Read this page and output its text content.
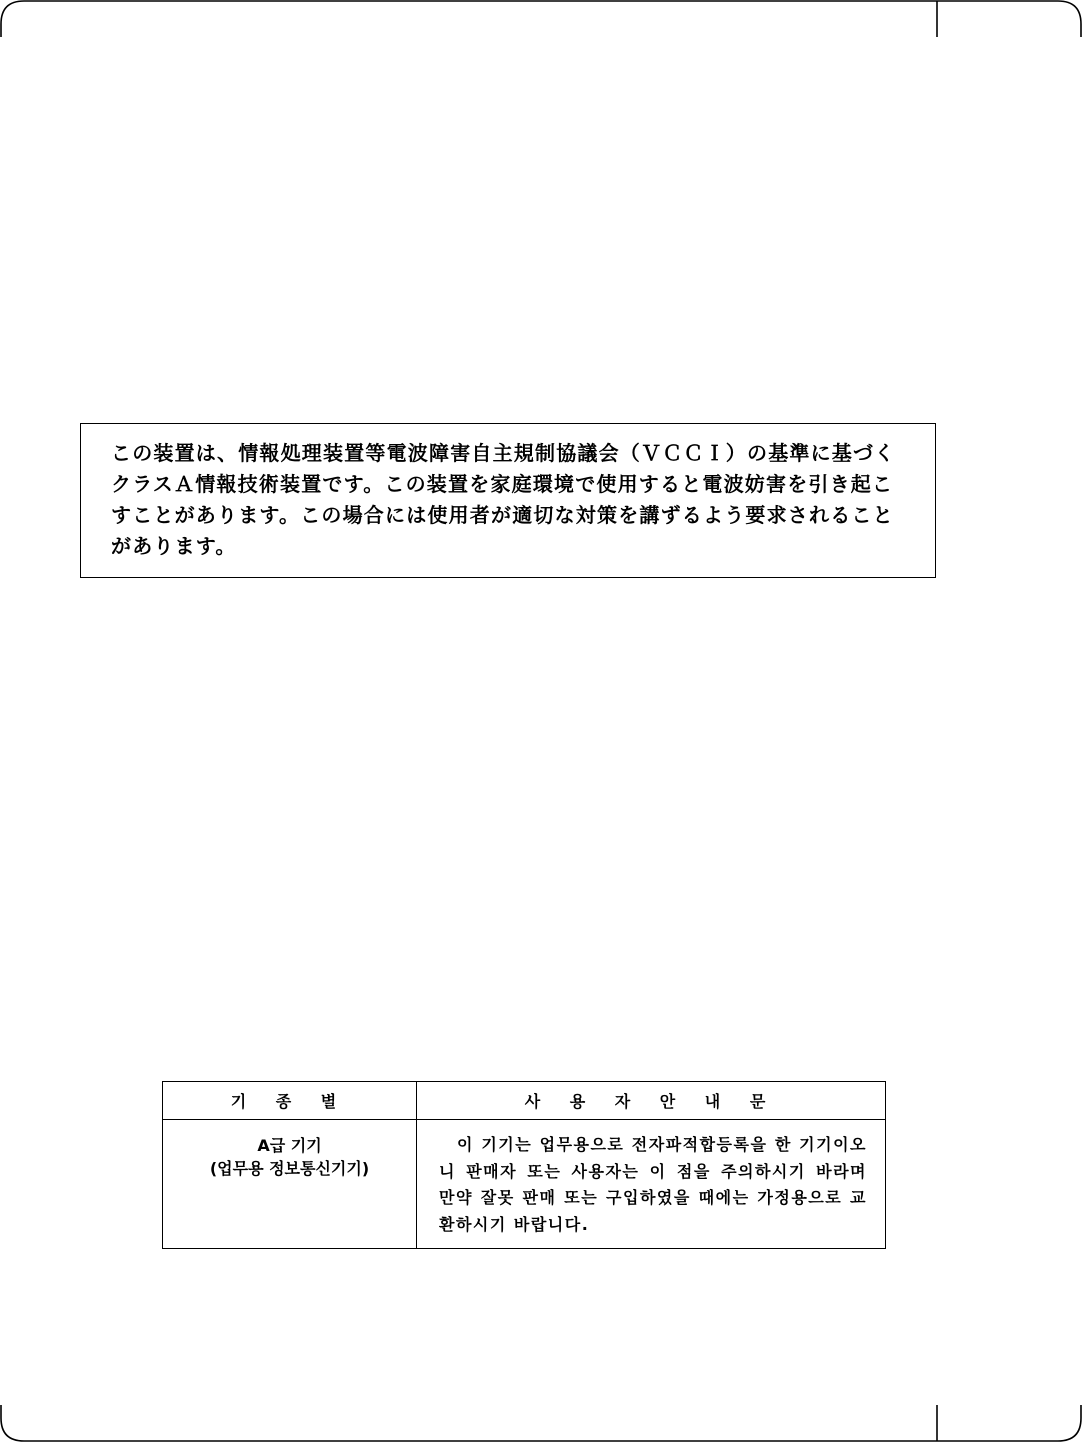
この装置は、情報処理装置等電波障害自主規制協議会（ＶＣＣＩ）の基準に基づくクラスＡ情報技術装置です。この装置を家庭環境で使用すると電波妨害を引き起こすことがあります。この場合には使用者が適切な対策を講ずるよう要求されることがあります。

기 종 별	사 용 자 안 내 문

A급 기기
(업무용 정보통신기기)	이 기기는 업무용으로 전자파적합등록을 한 기기이오니 판매자 또는 사용자는 이 점을 주의하시기 바라며 만약 잘못 판매 또는 구입하였을 때에는 가정용으로 교환하시기 바랍니다.
